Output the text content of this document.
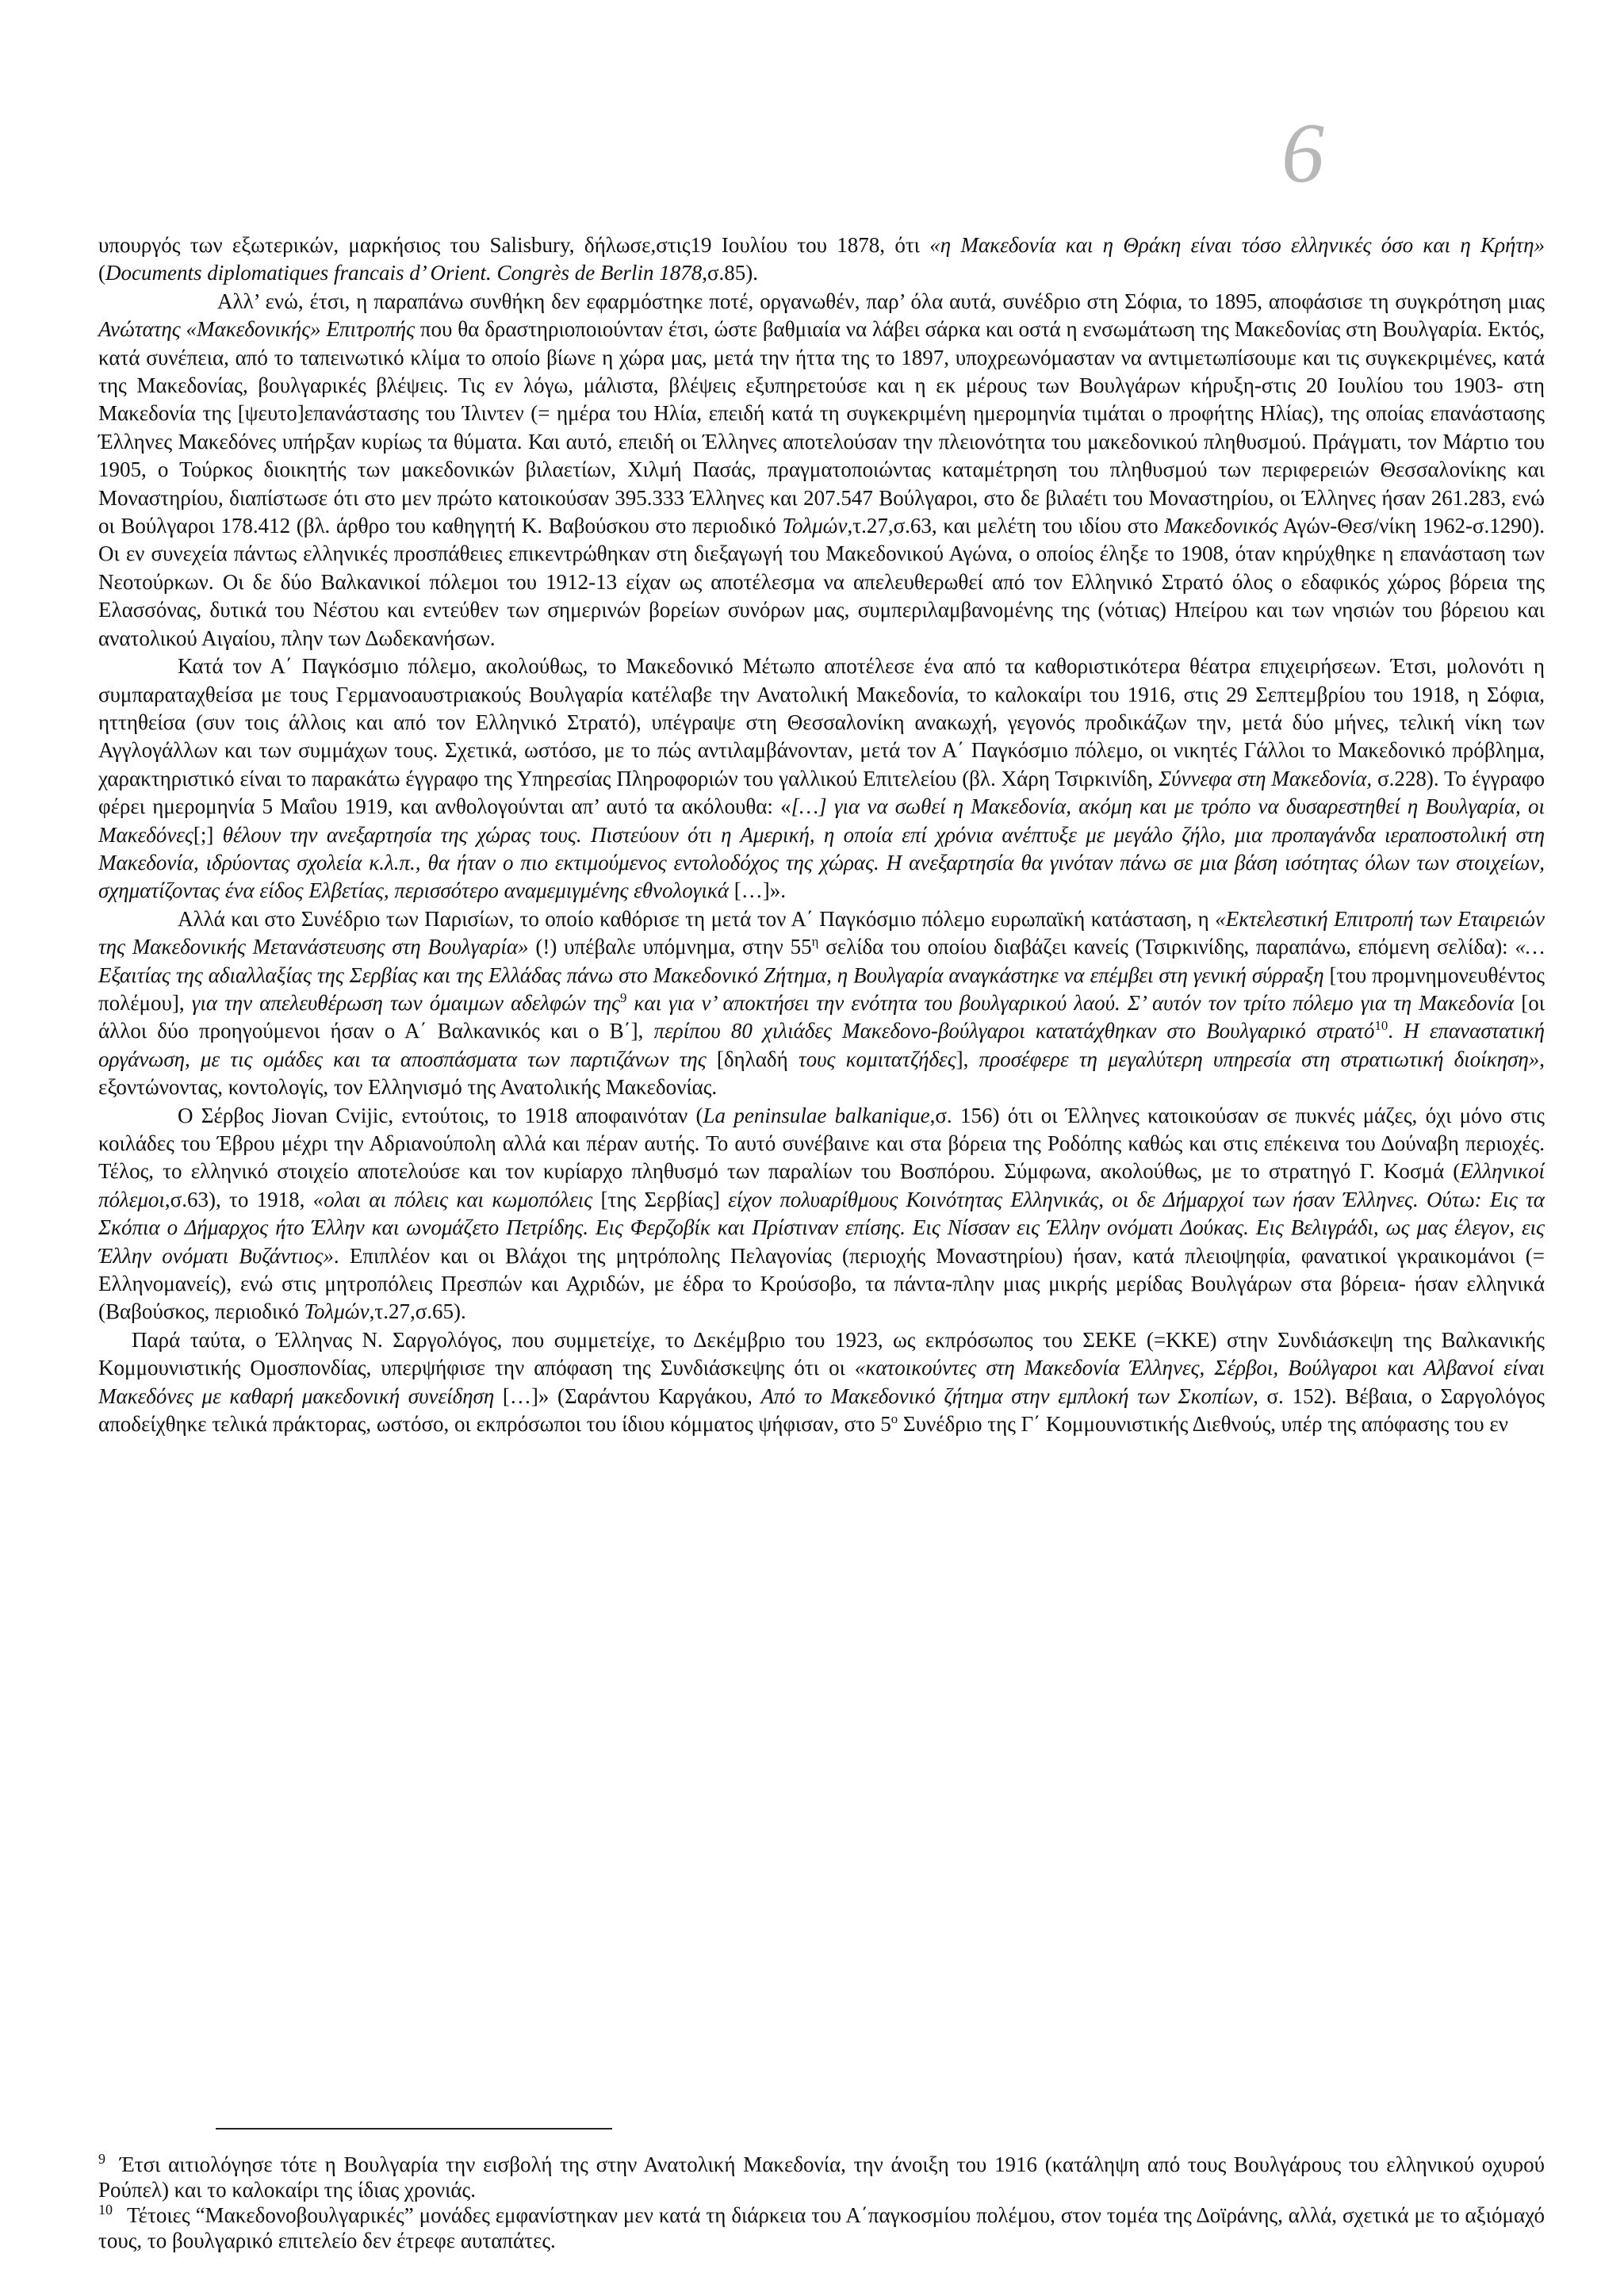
6

υπουργός των εξωτερικών, μαρκήσιος του Salisbury, δήλωσε,στις19 Ιουλίου του 1878, ότι «η Μακεδονία και η Θράκη είναι τόσο ελληνικές όσο και η Κρήτη» (Documents diplomatiques francais d’ Orient. Congrès de Berlin 1878,σ.85).

Αλλ’ ενώ, έτσι, η παραπάνω συνθήκη δεν εφαρμόστηκε ποτέ, οργανωθέν, παρ’ όλα αυτά, συνέδριο στη Σόφια, το 1895, αποφάσισε τη συγκρότηση μιας Ανώτατης «Μακεδονικής» Επιτροπής που θα δραστηριοποιούνταν έτσι, ώστε βαθμιαία να λάβει σάρκα και οστά η ενσωμάτωση της Μακεδονίας στη Βουλγαρία. Εκτός, κατά συνέπεια, από το ταπεινωτικό κλίμα το οποίο βίωνε η χώρα μας, μετά την ήττα της το 1897, υποχρεωνόμασταν να αντιμετωπίσουμε και τις συγκεκριμένες, κατά της Μακεδονίας, βουλγαρικές βλέψεις. Τις εν λόγω, μάλιστα, βλέψεις εξυπηρετούσε και η εκ μέρους των Βουλγάρων κήρυξη-στις 20 Ιουλίου του 1903- στη Μακεδονία της [ψευτο]επανάστασης του Ίλιντεν (= ημέρα του Ηλία, επειδή κατά τη συγκεκριμένη ημερομηνία τιμάται ο προφήτης Ηλίας), της οποίας επανάστασης Έλληνες Μακεδόνες υπήρξαν κυρίως τα θύματα. Και αυτό, επειδή οι Έλληνες αποτελούσαν την πλειονότητα του μακεδονικού πληθυσμού. Πράγματι, τον Μάρτιο του 1905, ο Τούρκος διοικητής των μακεδονικών βιλαετίων, Χιλμή Πασάς, πραγματοποιώντας καταμέτρηση του πληθυσμού των περιφερειών Θεσσαλονίκης και Μοναστηρίου, διαπίστωσε ότι στο μεν πρώτο κατοικούσαν 395.333 Έλληνες και 207.547 Βούλγαροι, στο δε βιλαέτι του Μοναστηρίου, οι Έλληνες ήσαν 261.283, ενώ οι Βούλγαροι 178.412 (βλ. άρθρο του καθηγητή Κ. Βαβούσκου στο περιοδικό Τολμών,τ.27,σ.63, και μελέτη του ιδίου στο Μακεδονικός Αγών-Θεσ/νίκη 1962-σ.1290). Οι εν συνεχεία πάντως ελληνικές προσπάθειες επικεντρώθηκαν στη διεξαγωγή του Μακεδονικού Αγώνα, ο οποίος έληξε το 1908, όταν κηρύχθηκε η επανάσταση των Νεοτούρκων. Οι δε δύο Βαλκανικοί πόλεμοι του 1912-13 είχαν ως αποτέλεσμα να απελευθερωθεί από τον Ελληνικό Στρατό όλος ο εδαφικός χώρος βόρεια της Ελασσόνας, δυτικά του Νέστου και εντεύθεν των σημερινών βορείων συνόρων μας, συμπεριλαμβανομένης της (νότιας) Ηπείρου και των νησιών του βόρειου και ανατολικού Αιγαίου, πλην των Δωδεκανήσων.

Κατά τον Α΄ Παγκόσμιο πόλεμο, ακολούθως, το Μακεδονικό Μέτωπο αποτέλεσε ένα από τα καθοριστικότερα θέατρα επιχειρήσεων. Έτσι, μολονότι η συμπαραταχθείσα με τους Γερμανοαυστριακούς Βουλγαρία κατέλαβε την Ανατολική Μακεδονία, το καλοκαίρι του 1916, στις 29 Σεπτεμβρίου του 1918, η Σόφια, ηττηθείσα (συν τοις άλλοις και από τον Ελληνικό Στρατό), υπέγραψε στη Θεσσαλονίκη ανακωχή, γεγονός προδικάζων την, μετά δύο μήνες, τελική νίκη των Αγγλογάλλων και των συμμάχων τους. Σχετικά, ωστόσο, με το πώς αντιλαμβάνονταν, μετά τον Α΄ Παγκόσμιο πόλεμο, οι νικητές Γάλλοι το Μακεδονικό πρόβλημα, χαρακτηριστικό είναι το παρακάτω έγγραφο της Υπηρεσίας Πληροφοριών του γαλλικού Επιτελείου (βλ. Χάρη Τσιρκινίδη, Σύννεφα στη Μακεδονία, σ.228). Το έγγραφο φέρει ημερομηνία 5 Μαΐου 1919, και ανθολογούνται απ’ αυτό τα ακόλουθα: «[…] για να σωθεί η Μακεδονία, ακόμη και με τρόπο να δυσαρεστηθεί η Βουλγαρία, οι Μακεδόνες[;] θέλουν την ανεξαρτησία της χώρας τους. Πιστεύουν ότι η Αμερική, η οποία επί χρόνια ανέπτυξε με μεγάλο ζήλο, μια προπαγάνδα ιεραποστολική στη Μακεδονία, ιδρύοντας σχολεία κ.λ.π., θα ήταν ο πιο εκτιμούμενος εντολοδόχος της χώρας. Η ανεξαρτησία θα γινόταν πάνω σε μια βάση ισότητας όλων των στοιχείων, σχηματίζοντας ένα είδος Ελβετίας, περισσότερο αναμεμιγμένης εθνολογικά […]».

Αλλά και στο Συνέδριο των Παρισίων, το οποίο καθόρισε τη μετά τον Α΄ Παγκόσμιο πόλεμο ευρωπαϊκή κατάσταση, η «Εκτελεστική Επιτροπή των Εταιρειών της Μακεδονικής Μετανάστευσης στη Βουλγαρία» (!) υπέβαλε υπόμνημα, στην $55^\eta$ σελίδα του οποίου διαβάζει κανείς (Τσιρκινίδης, παραπάνω, επόμενη σελίδα): «…Εξαιτίας της αδιαλλαξίας της Σερβίας και της Ελλάδας πάνω στο Μακεδονικό Ζήτημα, η Βουλγαρία αναγκάστηκε να επέμβει στη γενική σύρραξη [του προμνημονευθέντος πολέμου], για την απελευθέρωση των όμαιμων αδελφών της$^9$ και για ν’ αποκτήσει την ενότητα του βουλγαρικού λαού. Σ’ αυτόν τον τρίτο πόλεμο για τη Μακεδονία [οι άλλοι δύο προηγούμενοι ήσαν ο Α΄ Βαλκανικός και ο Β΄], περίπου 80 χιλιάδες Μακεδονο-βούλγαροι κατατάχθηκαν στο Βουλγαρικό στρατό$^{10}$. Η επαναστατική οργάνωση, με τις ομάδες και τα αποσπάσματα των παρτιζάνων της [δηλαδή τους κομιτατζήδες], προσέφερε τη μεγαλύτερη υπηρεσία στη στρατιωτική διοίκηση», εξοντώνοντας, κοντολογίς, τον Ελληνισμό της Ανατολικής Μακεδονίας.

Ο Σέρβος Jiovan Cvijic, εντούτοις, το 1918 αποφαινόταν (La peninsulae balkanique,σ. 156) ότι οι Έλληνες κατοικούσαν σε πυκνές μάζες, όχι μόνο στις κοιλάδες του Έβρου μέχρι την Αδριανούπολη αλλά και πέραν αυτής. Το αυτό συνέβαινε και στα βόρεια της Ροδόπης καθώς και στις επέκεινα του Δούναβη περιοχές. Τέλος, το ελληνικό στοιχείο αποτελούσε και τον κυρίαρχο πληθυσμό των παραλίων του Βοσπόρου. Σύμφωνα, ακολούθως, με το στρατηγό Γ. Κοσμά (Ελληνικοί πόλεμοι,σ.63), το 1918, «ολαι αι πόλεις και κωμοπόλεις [της Σερβίας] είχον πολυαρίθμους Κοινότητας Ελληνικάς, οι δε Δήμαρχοί των ήσαν Έλληνες. Ούτω: Εις τα Σκόπια ο Δήμαρχος ήτο Έλλην και ωνομάζετο Πετρίδης. Εις Φερζοβίκ και Πρίστιναν επίσης. Εις Νίσσαν εις Έλλην ονόματι Δούκας. Εις Βελιγράδι, ως μας έλεγον, εις Έλλην ονόματι Βυζάντιος». Επιπλέον και οι Βλάχοι της μητρόπολης Πελαγονίας (περιοχής Μοναστηρίου) ήσαν, κατά πλειοψηφία, φανατικοί γκραικομάνοι (= Ελληνομανείς), ενώ στις μητροπόλεις Πρεσπών και Αχριδών, με έδρα το Κρούσοβο, τα πάντα-πλην μιας μικρής μερίδας Βουλγάρων στα βόρεια- ήσαν ελληνικά (Βαβούσκος, περιοδικό Τολμών,τ.27,σ.65).

Παρά ταύτα, ο Έλληνας Ν. Σαργολόγος, που συμμετείχε, το Δεκέμβριο του 1923, ως εκπρόσωπος του ΣΕΚΕ (=ΚΚΕ) στην Συνδιάσκεψη της Βαλκανικής Κομμουνιστικής Ομοσπονδίας, υπερψήφισε την απόφαση της Συνδιάσκεψης ότι οι «κατοικούντες στη Μακεδονία Έλληνες, Σέρβοι, Βούλγαροι και Αλβανοί είναι Μακεδόνες με καθαρή μακεδονική συνείδηση […]» (Σαράντου Καργάκου, Από το Μακεδονικό ζήτημα στην εμπλοκή των Σκοπίων, σ. 152). Βέβαια, ο Σαργολόγος αποδείχθηκε τελικά πράκτορας, ωστόσο, οι εκπρόσωποι του ίδιου κόμματος ψήφισαν, στο $5^o$ Συνέδριο της Γ΄ Κομμουνιστικής Διεθνούς, υπέρ της απόφασης του εν

$^9$ Έτσι αιτιολόγησε τότε η Βουλγαρία την εισβολή της στην Ανατολική Μακεδονία, την άνοιξη του 1916 (κατάληψη από τους Βουλγάρους του ελληνικού οχυρού Ρούπελ) και το καλοκαίρι της ίδιας χρονιάς.

$^{10}$ Τέτοιες “Μακεδονοβουλγαρικές” μονάδες εμφανίστηκαν μεν κατά τη διάρκεια του Α΄παγκοσμίου πολέμου, στον τομέα της Δοϊράνης, αλλά, σχετικά με το αξιόμαχό τους, το βουλγαρικό επιτελείο δεν έτρεφε αυταπάτες.
